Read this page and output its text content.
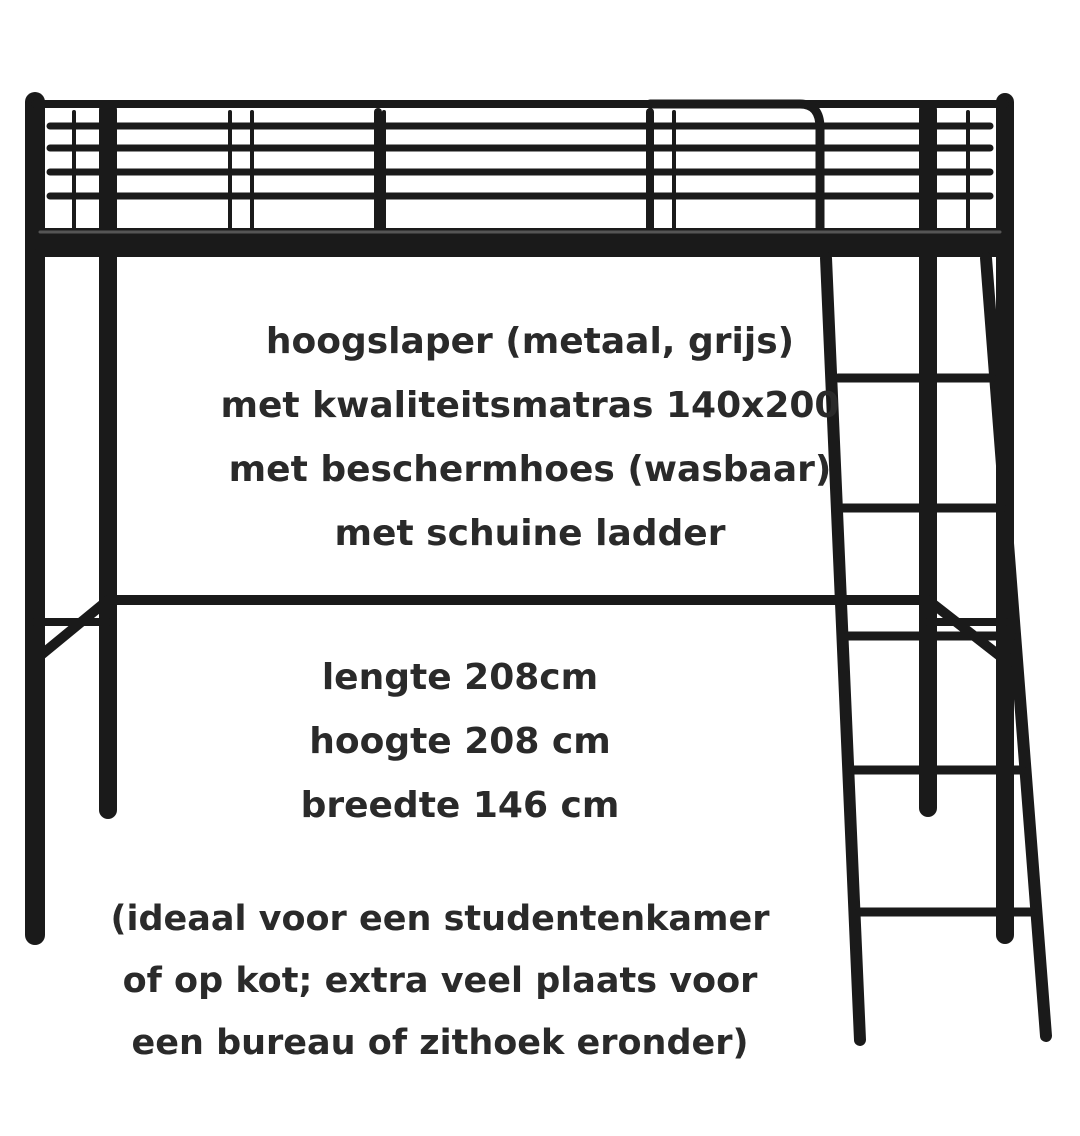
hoogslaper (metaal, grijs)
met kwaliteitsmatras 140x200
met beschermhoes (wasbaar)
met schuine ladder
lengte 208cm
hoogte 208 cm
breedte 146 cm
(ideaal voor een studentenkamer
of op kot; extra veel plaats voor
een bureau of zithoek eronder)
